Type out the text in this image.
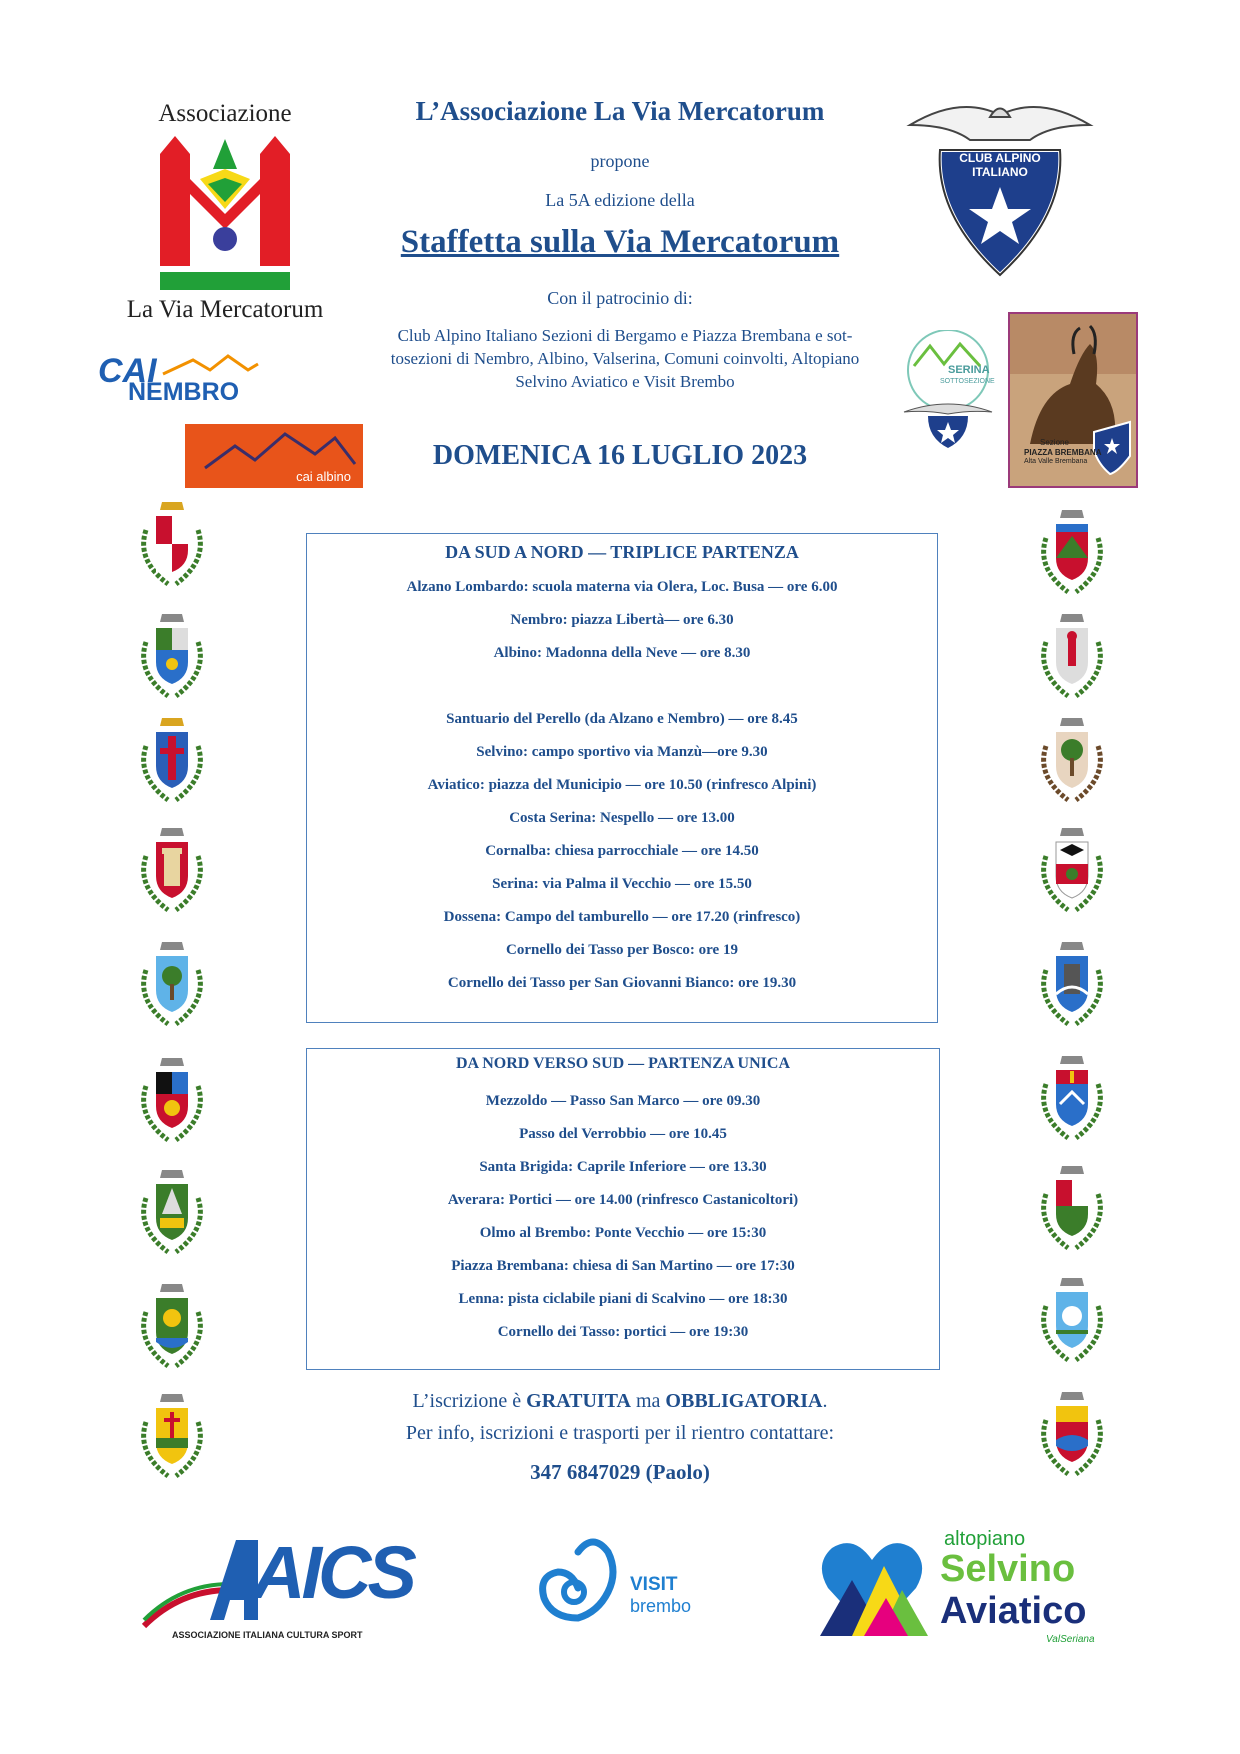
Associazione
La Via Mercatorum
CAI
NEMBRO
cai albino
L’Associazione La Via Mercatorum
propone
La 5A edizione della
Staffetta sulla Via Mercatorum
Con il patrocinio di:
Club Alpino Italiano Sezioni di Bergamo e Piazza Brembana e sottosezioni di Nembro, Albino, Valserina, Comuni coinvolti, Altopiano Selvino Aviatico e Visit Brembo
DOMENICA 16 LUGLIO 2023
CLUB ALPINO ITALIANO
SERINA
SOTTOSEZIONE
Sezione
PIAZZA BREMBANA
Alta Valle Brembana
DA SUD A NORD — TRIPLICE PARTENZA
Alzano Lombardo: scuola materna via Olera, Loc. Busa — ore 6.00
Nembro: piazza Libertà— ore 6.30
Albino: Madonna della Neve — ore 8.30
Santuario del Perello (da Alzano e Nembro) — ore 8.45
Selvino: campo sportivo via Manzù—ore 9.30
Aviatico: piazza del Municipio — ore 10.50 (rinfresco Alpini)
Costa Serina: Nespello — ore 13.00
Cornalba: chiesa parrocchiale — ore 14.50
Serina: via Palma il Vecchio — ore 15.50
Dossena: Campo del tamburello — ore 17.20 (rinfresco)
Cornello dei Tasso per Bosco: ore 19
Cornello dei Tasso per San Giovanni Bianco: ore 19.30
DA NORD VERSO SUD — PARTENZA UNICA
Mezzoldo — Passo San Marco — ore 09.30
Passo del Verrobbio — ore 10.45
Santa Brigida: Caprile Inferiore — ore 13.30
Averara: Portici — ore 14.00 (rinfresco Castanicoltori)
Olmo al Brembo: Ponte Vecchio — ore 15:30
Piazza Brembana: chiesa di San Martino — ore 17:30
Lenna: pista ciclabile piani di Scalvino — ore 18:30
Cornello dei Tasso: portici — ore 19:30
L’iscrizione è GRATUITA ma OBBLIGATORIA.
Per info, iscrizioni e trasporti per il rientro contattare:
347 6847029 (Paolo)
AICS
ASSOCIAZIONE ITALIANA CULTURA SPORT
VISIT
brembo
altopiano
Selvino
Aviatico
ValSeriana
